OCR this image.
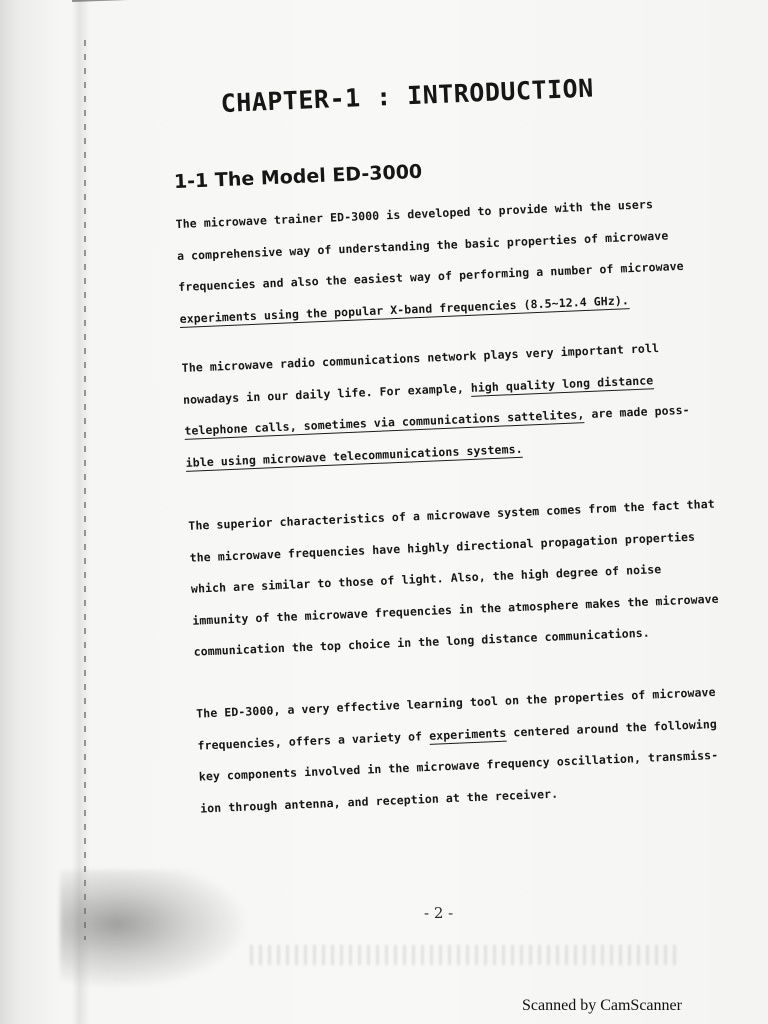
CHAPTER-1 : INTRODUCTION
1-1 The Model ED-3000
The microwave trainer ED-3000 is developed to provide with the users
a comprehensive way of understanding the basic properties of microwave
frequencies and also the easiest way of performing a number of microwave
experiments using the popular X-band frequencies (8.5~12.4 GHz).
The microwave radio communications network plays very important roll
nowadays in our daily life. For example, high quality long distance
telephone calls, sometimes via communications sattelites, are made poss-
ible using microwave telecommunications systems.
The superior characteristics of a microwave system comes from the fact that
the microwave frequencies have highly directional propagation properties
which are similar to those of light. Also, the high degree of noise
immunity of the microwave frequencies in the atmosphere makes the microwave
communication the top choice in the long distance communications.
The ED-3000, a very effective learning tool on the properties of microwave
frequencies, offers a variety of experiments centered around the following
key components involved in the microwave frequency oscillation, transmiss-
ion through antenna, and reception at the receiver.
- 2 -
Scanned by CamScanner
